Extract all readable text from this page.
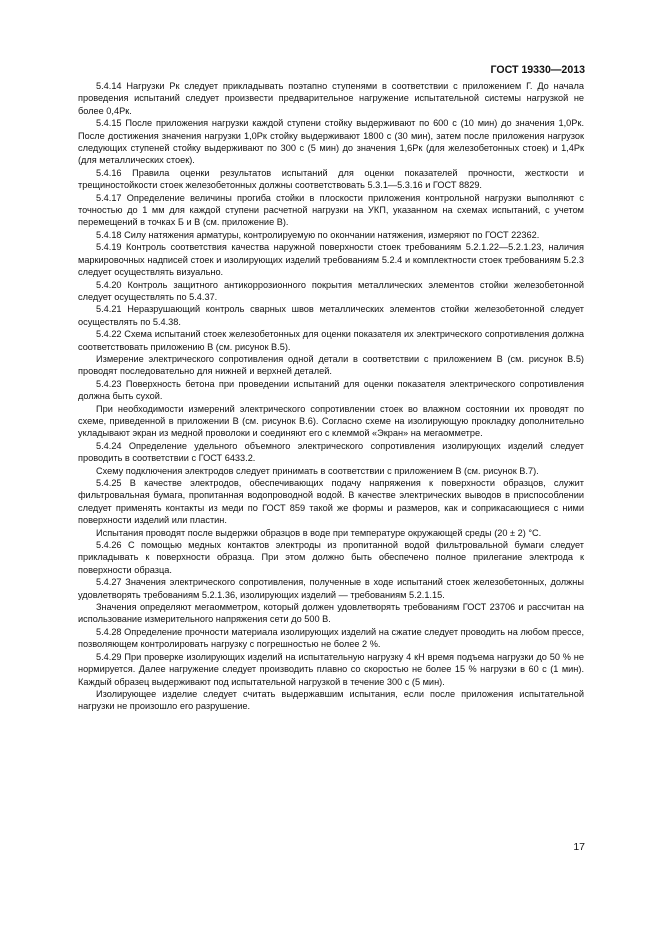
ГОСТ 19330—2013

5.4.14 Нагрузки Pк следует прикладывать поэтапно ступенями в соответствии с приложением Г. До начала проведения испытаний следует произвести предварительное нагружение испытательной системы нагрузкой не более 0,4Pк.

5.4.15 После приложения нагрузки каждой ступени стойку выдерживают по 600 с (10 мин) до значения 1,0Pк. После достижения значения нагрузки 1,0Pк стойку выдерживают 1800 с (30 мин), затем после приложения нагрузок следующих ступеней стойку выдерживают по 300 с (5 мин) до значения 1,6Pк (для железобетонных стоек) и 1,4Pк (для металлических стоек).

5.4.16 Правила оценки результатов испытаний для оценки показателей прочности, жесткости и трещиностойкости стоек железобетонных должны соответствовать 5.3.1—5.3.16 и ГОСТ 8829.

5.4.17 Определение величины прогиба стойки в плоскости приложения контрольной нагрузки выполняют с точностью до 1 мм для каждой ступени расчетной нагрузки на УКП, указанном на схемах испытаний, с учетом перемещений в точках Б и В (см. приложение В).

5.4.18 Силу натяжения арматуры, контролируемую по окончании натяжения, измеряют по ГОСТ 22362.

5.4.19 Контроль соответствия качества наружной поверхности стоек требованиям 5.2.1.22—5.2.1.23, наличия маркировочных надписей стоек и изолирующих изделий требованиям 5.2.4 и комплектности стоек требованиям 5.2.3 следует осуществлять визуально.

5.4.20 Контроль защитного антикоррозионного покрытия металлических элементов стойки железобетонной следует осуществлять по 5.4.37.

5.4.21 Неразрушающий контроль сварных швов металлических элементов стойки железобетонной следует осуществлять по 5.4.38.

5.4.22 Схема испытаний стоек железобетонных для оценки показателя их электрического сопротивления должна соответствовать приложению В (см. рисунок В.5).

Измерение электрического сопротивления одной детали в соответствии с приложением В (см. рисунок В.5) проводят последовательно для нижней и верхней деталей.

5.4.23 Поверхность бетона при проведении испытаний для оценки показателя электрического сопротивления должна быть сухой.

При необходимости измерений электрического сопротивлении стоек во влажном состоянии их проводят по схеме, приведенной в приложении В (см. рисунок В.6). Согласно схеме на изолирующую прокладку дополнительно укладывают экран из медной проволоки и соединяют его с клеммой «Экран» на мегаомметре.

5.4.24 Определение удельного объемного электрического сопротивления изолирующих изделий следует проводить в соответствии с ГОСТ 6433.2.

Схему подключения электродов следует принимать в соответствии с приложением В (см. рисунок В.7).

5.4.25 В качестве электродов, обеспечивающих подачу напряжения к поверхности образцов, служит фильтровальная бумага, пропитанная водопроводной водой. В качестве электрических выводов в приспособлении следует применять контакты из меди по ГОСТ 859 такой же формы и размеров, как и соприкасающиеся с ними поверхности изделий или пластин.

Испытания проводят после выдержки образцов в воде при температуре окружающей среды (20 ± 2) °С.

5.4.26 С помощью медных контактов электроды из пропитанной водой фильтровальной бумаги следует прикладывать к поверхности образца. При этом должно быть обеспечено полное прилегание электрода к поверхности образца.

5.4.27 Значения электрического сопротивления, полученные в ходе испытаний стоек железобетонных, должны удовлетворять требованиям 5.2.1.36, изолирующих изделий — требованиям 5.2.1.15.

Значения определяют мегаомметром, который должен удовлетворять требованиям ГОСТ 23706 и рассчитан на использование измерительного напряжения сети до 500 В.

5.4.28 Определение прочности материала изолирующих изделий на сжатие следует проводить на любом прессе, позволяющем контролировать нагрузку с погрешностью не более 2 %.

5.4.29 При проверке изолирующих изделий на испытательную нагрузку 4 кН время подъема нагрузки до 50 % не нормируется. Далее нагружение следует производить плавно со скоростью не более 15 % нагрузки в 60 с (1 мин). Каждый образец выдерживают под испытательной нагрузкой в течение 300 с (5 мин).

Изолирующее изделие следует считать выдержавшим испытания, если после приложения испытательной нагрузки не произошло его разрушение.

17
